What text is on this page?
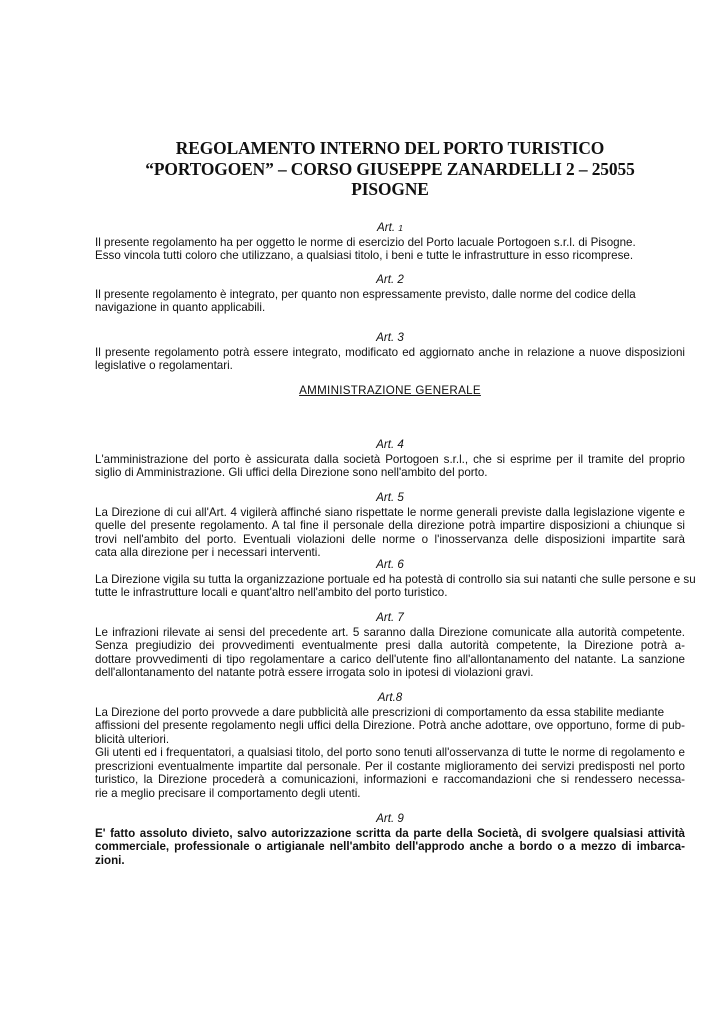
REGOLAMENTO INTERNO DEL PORTO TURISTICO
“PORTOGOEN” – CORSO GIUSEPPE ZANARDELLI 2 – 25055
PISOGNE
Art. 1
Il presente regolamento ha per oggetto le norme di esercizio del Porto lacuale Portogoen s.r.l. di Pisogne.
Esso vincola tutti coloro che utilizzano, a qualsiasi titolo, i beni e tutte le infrastrutture in esso ricomprese.
Art. 2
Il presente regolamento è integrato, per quanto non espressamente previsto, dalle norme del codice della
navigazione in quanto applicabili.
Art. 3
Il presente regolamento potrà essere integrato, modificato ed aggiornato anche in relazione a nuove disposizioni
legislative o regolamentari.
AMMINISTRAZIONE GENERALE
Art. 4
L'amministrazione del porto è assicurata dalla società Portogoen s.r.l., che si esprime per il tramite del proprio
siglio di Amministrazione. Gli uffici della Direzione sono nell'ambito del porto.
Art. 5
La Direzione di cui all'Art. 4 vigilerà affinché siano rispettate le norme generali previste dalla legislazione vigente e
quelle del presente regolamento. A tal fine il personale della direzione potrà impartire disposizioni a chiunque si
trovi nell'ambito del porto. Eventuali violazioni delle norme o l'inosservanza delle disposizioni impartite sarà
cata alla direzione per i necessari interventi.
Art. 6
La Direzione vigila su tutta la organizzazione portuale ed ha potestà di controllo sia sui natanti che sulle persone e su
tutte le infrastrutture locali e quant'altro nell'ambito del porto turistico.
Art. 7
Le infrazioni rilevate ai sensi del precedente art. 5 saranno dalla Direzione comunicate alla autorità competente.
Senza pregiudizio dei provvedimenti eventualmente presi dalla autorità competente, la Direzione potrà a-
dottare provvedimenti di tipo regolamentare a carico dell'utente fino all'allontanamento del natante. La sanzione
dell'allontanamento del natante potrà essere irrogata solo in ipotesi di violazioni gravi.
Art.8
La Direzione del porto provvede a dare pubblicità alle prescrizioni di comportamento da essa stabilite mediante
affissioni del presente regolamento negli uffici della Direzione. Potrà anche adottare, ove opportuno, forme di pub-
blicità ulteriori.
Gli utenti ed i frequentatori, a qualsiasi titolo, del porto sono tenuti all'osservanza di tutte le norme di regolamento e
prescrizioni eventualmente impartite dal personale. Per il costante miglioramento dei servizi predisposti nel porto
turistico, la Direzione procederà a comunicazioni, informazioni e raccomandazioni che si rendessero necessa-
rie a meglio precisare il comportamento degli utenti.
Art. 9
E' fatto assoluto divieto, salvo autorizzazione scritta da parte della Società, di svolgere qualsiasi attività
commerciale, professionale o artigianale nell'ambito dell'approdo anche a bordo o a mezzo di imbarca-
zioni.
